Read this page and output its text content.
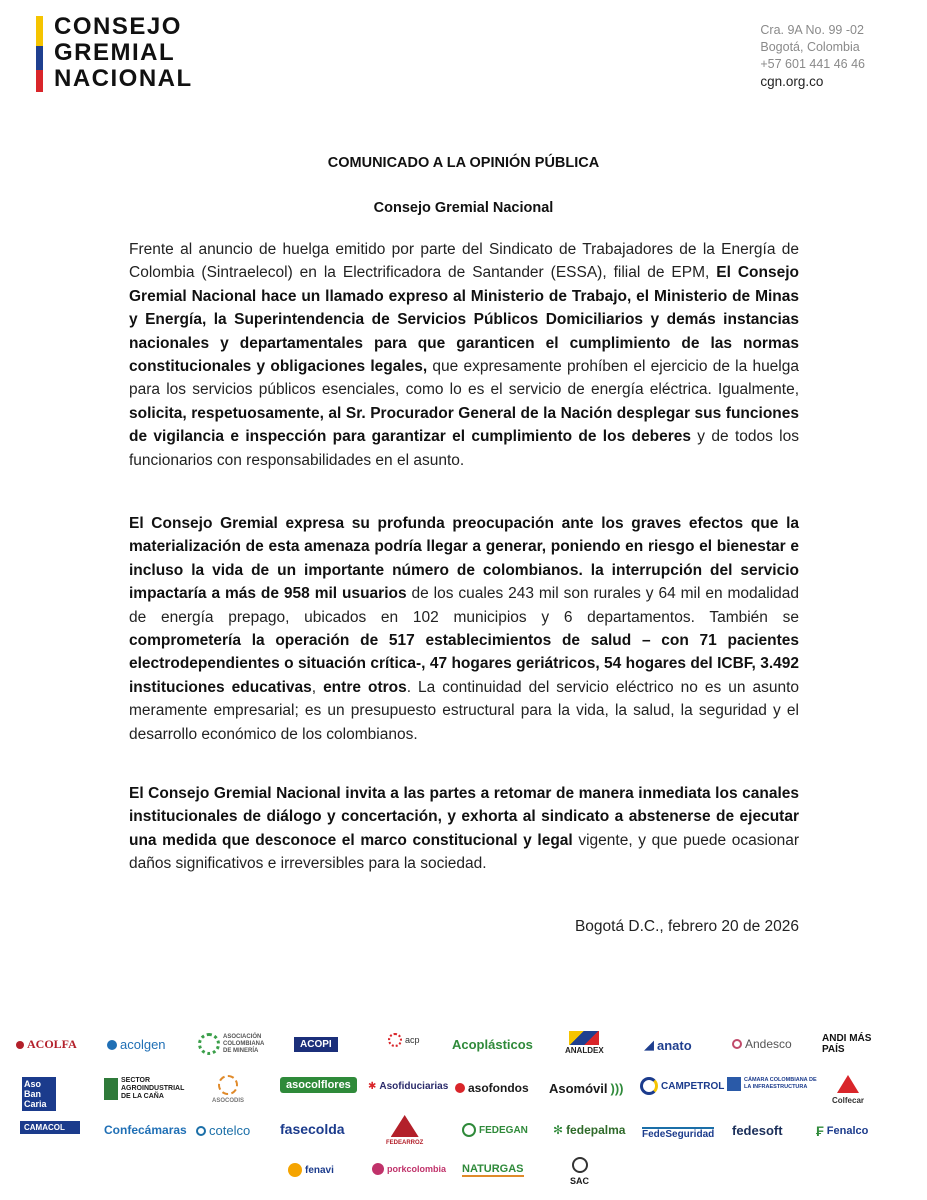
CONSEJO
GREMIAL
NACIONAL
Cra. 9A No. 99 -02
Bogotá, Colombia
+57 601 441 46 46
cgn.org.co
COMUNICADO A LA OPINIÓN PÚBLICA
Consejo Gremial Nacional
Frente al anuncio de huelga emitido por parte del Sindicato de Trabajadores de la Energía de Colombia (Sintraelecol) en la Electrificadora de Santander (ESSA), filial de EPM, El Consejo Gremial Nacional hace un llamado expreso al Ministerio de Trabajo, el Ministerio de Minas y Energía, la Superintendencia de Servicios Públicos Domiciliarios y demás instancias nacionales y departamentales para que garanticen el cumplimiento de las normas constitucionales y obligaciones legales, que expresamente prohíben el ejercicio de la huelga para los servicios públicos esenciales, como lo es el servicio de energía eléctrica. Igualmente, solicita, respetuosamente, al Sr. Procurador General de la Nación desplegar sus funciones de vigilancia e inspección para garantizar el cumplimiento de los deberes y de todos los funcionarios con responsabilidades en el asunto.
El Consejo Gremial expresa su profunda preocupación ante los graves efectos que la materialización de esta amenaza podría llegar a generar, poniendo en riesgo el bienestar e incluso la vida de un importante número de colombianos. la interrupción del servicio impactaría a más de 958 mil usuarios de los cuales 243 mil son rurales y 64 mil en modalidad de energía prepago, ubicados en 102 municipios y 6 departamentos. También se comprometería la operación de 517 establecimientos de salud – con 71 pacientes electrodependientes o situación crítica-, 47 hogares geriátricos, 54 hogares del ICBF, 3.492 instituciones educativas, entre otros. La continuidad del servicio eléctrico no es un asunto meramente empresarial; es un presupuesto estructural para la vida, la salud, la seguridad y el desarrollo económico de los colombianos.
El Consejo Gremial Nacional invita a las partes a retomar de manera inmediata los canales institucionales de diálogo y concertación, y exhorta al sindicato a abstenerse de ejecutar una medida que desconoce el marco constitucional y legal vigente, y que puede ocasionar daños significativos e irreversibles para la sociedad.
Bogotá D.C., febrero 20 de 2026
ACOLFA	acolgen
ASOCIACIÓN COLOMBIANA DE MINERÍA
ACOPI	acp Acoplásticos	ANALDEX	◢ anato	Andesco	ANDI MÁS PAÍS
Aso Ban Caria
SECTOR AGROINDUSTRIAL DE LA CAÑA
ASOCODIS
asocolflores ✱ Asofiduciarias asofondos Asomóvil )))	CAMPETROL
CÁMARA COLOMBIANA DE LA INFRAESTRUCTURA
Colfecar
CAMACOL	Confecámaras cotelco fasecolda
FEDEARROZ
FEDEGAN ✻ fedepalma FedeSeguridad fedesoft ₣ Fenalco
fenavi	porkcolombia NATURGAS
SAC
